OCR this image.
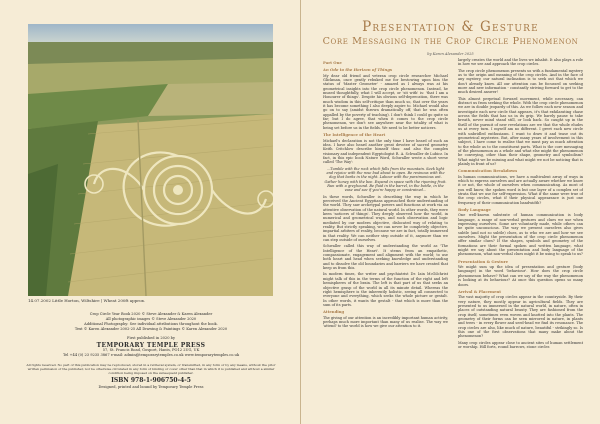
14.07.2002 Little Horton, Wiltshire | Wheat 200ft approx.
Crop Circle Year Book 2020 © Steve Alexander & Karen Alexander
All photographic images © Steve Alexander 2020
Additional Photography: See individual attributions throughout the book.
Text © Karen Alexander 2002-25 All Drawing & Paintings © Karen Alexander 2020
First published in 2020 by
TEMPORARY TEMPLE PRESS
57, St. Francis Road, Gosport, Hants, PO12 2UG, UK
Tel +44 (0) 23 9235 3867 e-mail: admin@temporarytemples.co.uk www.temporarytemples.co.uk
All rights reserved. No part of this publication may be reproduced, stored in a retrieval system, or transmitted, in any form or by any means, without the prior written permission of the publisher, nor be otherwise circulated in any form of binding or cover other than that in which it is published and without a similar condition being imposed on the subsequent publisher.
ISBN 978-1-906750-4-5
Designed, printed and bound by Temporary Temple Press
Presentation & Gesture
Core Messaging in the Crop Circle Phenomenon
by Karen Alexander 2025
Part One
An Ode to the Horizon of Things

My dear old friend and veteran crop circle researcher Michael Glickman, once gently rebuked me for bestowing upon him the status of 'Master Geometer' - amazed as I always was at his geometrical insights into the crop circle phenomenon. Instead, he mused thoughtfully, what I will accept, or 'sit with' is: 'that I am a Honourer of things'. Despite his obvious self-deprecation, there was much wisdom in this self-critique than much so, that over the years it has become something I also deeply aspire to. Michael would also go on to say (amidst thrown dramatically off, that he was often appalled by the poverty of teaching). I don't think I could go quite so far; but I do agree, that when it comes to the crop circle phenomenon, we don't see anywhere near the totality of what is being set before us in the fields. We need to be better noticers.

The Intelligence of the Heart

Michael's declaration is not the only time I have heard of such an idea. I have also heard another great devotee of sacred geometry Keith Critchlow describe himself thus: and also the complex visionary and independent Egyptologist R. A. Schwaller de Lubicz. In fact, in this epic book Nature Word, Schwaller wrote a short verse called 'The Way':

...Tumble with the rock which falls from the mountain. Seek light and rejoice with the rose bud about to open. Be resinous with the dog that barks in the night. Labour with the parsimonious ant. Gather honey with the bee. Expand in space with the ripening fruit. Run with a greyhound. Be fluid in the barrel, in the bottle, in the vase and see if you're happy or constrained...

In these words, Schwaller is describing the way in which he perceived the Ancient Egyptians approached their understanding of the world. They saw archetypal powers and functions at work via an attentive observation of the natural world. In other words, they were keen 'noticers of things'. They deeply observed how the world, in numerical and geometrical ways, and such observation and logic mediated by our modern objective, dislocated way of relating to reality. But strictly speaking, we can never be completely objective, impartial arbiters of reality, because we are in fact, totally immersed in that reality. We can neither step outside of it, anymore than we can step outside of ourselves.

Schwaller called this way of understanding the world as 'The Intelligence of the Heart'. It stems from an empathetic, compassionate, engagement and alignment with the world; to use both heart and head when seeking knowledge and understanding and to dissolve the old boundaries and barriers we have created that keep us from this.

In modern times, the writer and psychiatrist Dr. Iain McGilchrist might talk of this in the terms of the function of the right and left hemispheres of the brain. The left is that part of us that seeks an objective grasp of the world in all its minute detail. Whereas the right hemisphere is the inherently holistic, seeing all connected to everyone and everything, which seeks the whole picture or gestalt. In other words, it wants the gestalt - that which is more than the sum of its parts.

Attending

The giving of our attention is an incredibly important human activity, perhaps much more important than many of us realise. The way we 'attend' to the world is how we give our attention to it.

largely creates the world and the lives we inhabit. It also plays a role in how we see and approach the crop circles.

The crop circle phenomenon presents us with a fundamental mystery as to the origin and meaning of the crop circles. And in the face of any mystery, our natural inclination is to seek out that which we don't already know. All our attention can be focussed on seeking more and new information - constantly striving forward to get to the much desired answer!

This almost perpetual forward movement, while necessary, can distract us from seeking the whole. With the crop circle phenomenon we are in double jeopardy of this. As we follow each new season and investigate each new circle that appears, it's that exhilarating chase across the fields that has us in its grip. We barely pause to take breath, never mind stand still, or look back. So caught up in the thrill of the pursuit of new revelations are we that the whole eludes us at every turn. I myself am no different. I greet each new circle with unbridled enthusiasm. I want to draw it and tease out its geometrical mysteries. But, after many years of involvement in this subject, I have come to realise that we must pay as much attention to the whole as to the constituent parts. What is the core messaging of the phenomenon as a whole and what else might the phenomenon be conveying, other than their shape, geometry and symbolism? What might we be missing and what might we not be noticing that is plainly in front of us?

Communication Breakdown

In human communications, we have a multivalent array of ways in which to express ourselves and are actually aware whether we know it or not, the whole of ourselves when communicating. As most of you will know, the spoken word is but one layer of a complex set of strata that we use for self-expression. What if the same were true of the crop circles, what if their physical appearance is just one frequency of their communication bandwidth?

Body Language

One well-known substrate of human communication is body language, a range of non-verbal gestures and clues we use when expressing ourselves. Some are voluntarily made, while others can be quite unconscious. The way we present ourselves also gives subtle (and not so subtle) clues, as to who we are and how we see ourselves. Might the presentation of the crop circle phenomenon offer similar clues? If the shapes, symbols and geometry of the formations are their formal spoken and written language, what might we say about the presentation and body language of the phenomenon, what non-verbal clues might it be using to speak to us?

Presentation & Gesture

We might sum up the idea of presentation and gesture (body language) in the word 'behaviour'. How does the crop circle phenomenon behave? What can we say of the way the phenomenon is looking at its behaviour? At once this question opens so many doors.

Arrival & Placement

The vast majority of crop circles appear in the countryside. By their very nature, they mostly appear in agricultural fields. They are presented to us immersed in the natural world, in nature, often in places of outstanding natural beauty. They are fashioned from the crop itself, sometimes even woven and knotted into the plants. The geometry of their forms can be seen mirrored in nature, in plants and trees - in every flower and seed-head we find its resonance. The crop circles are also, like much of nature, beautiful - strikingly so. Is this one of the first observations that many make about the phenomenon?

Many crop circles appear close to ancient sites of human settlement or worship. Hill forts, round barrows, stone circles
